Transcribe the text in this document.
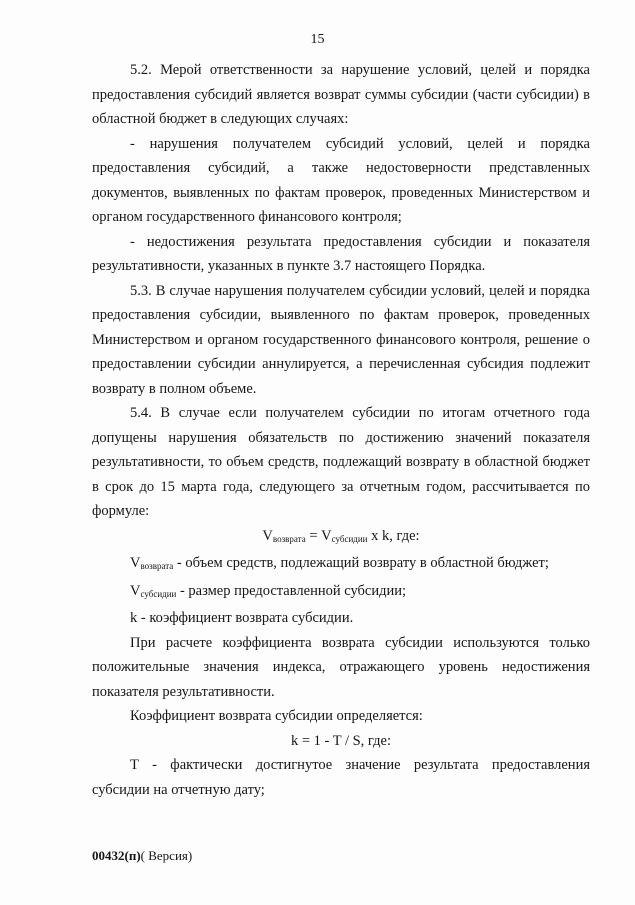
15

5.2. Мерой ответственности за нарушение условий, целей и порядка предоставления субсидий является возврат суммы субсидии (части субсидии) в областной бюджет в следующих случаях:

- нарушения получателем субсидий условий, целей и порядка предоставления субсидий, а также недостоверности представленных документов, выявленных по фактам проверок, проведенных Министерством и органом государственного финансового контроля;

- недостижения результата предоставления субсидии и показателя результативности, указанных в пункте 3.7 настоящего Порядка.

5.3. В случае нарушения получателем субсидии условий, целей и порядка предоставления субсидии, выявленного по фактам проверок, проведенных Министерством и органом государственного финансового контроля, решение о предоставлении субсидии аннулируется, а перечисленная субсидия подлежит возврату в полном объеме.

5.4. В случае если получателем субсидии по итогам отчетного года допущены нарушения обязательств по достижению значений показателя результативности, то объем средств, подлежащий возврату в областной бюджет в срок до 15 марта года, следующего за отчетным годом, рассчитывается по формуле:

$V_{возврата} = V_{субсидии}$ x k, где:

$V_{возврата}$ - объем средств, подлежащий возврату в областной бюджет;

$V_{субсидии}$ - размер предоставленной субсидии;

k - коэффициент возврата субсидии.

При расчете коэффициента возврата субсидии используются только положительные значения индекса, отражающего уровень недостижения показателя результативности.

Коэффициент возврата субсидии определяется:

k = 1 - T / S, где:

Т - фактически достигнутое значение результата предоставления субсидии на отчетную дату;

00432(п)( Версия)
